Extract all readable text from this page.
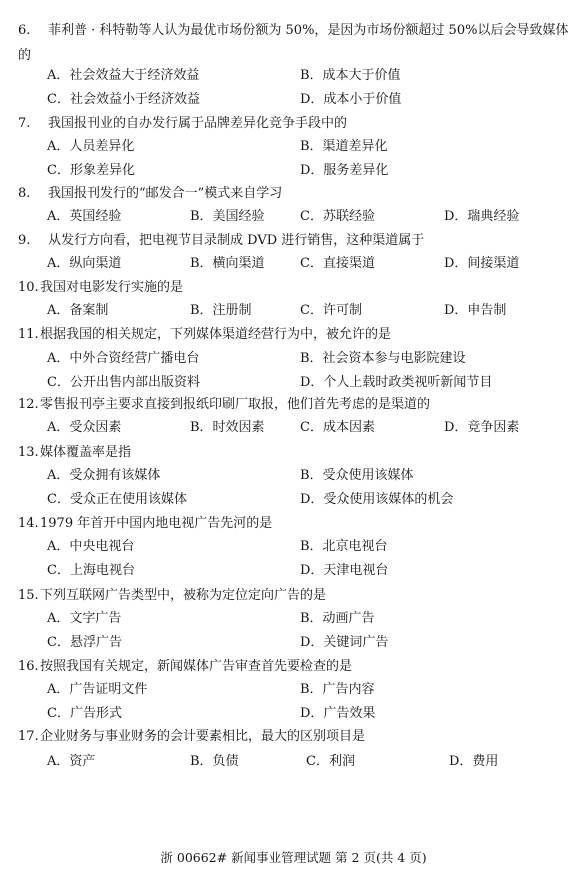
6. 菲利普 · 科特勒等人认为最优市场份额为 50%，是因为市场份额超过 50%以后会导致媒体的
A．社会效益大于经济效益	B．成本大于价值
C．社会效益小于经济效益	D．成本小于价值
7. 我国报刊业的自办发行属于品牌差异化竞争手段中的
A．人员差异化	B．渠道差异化
C．形象差异化	D．服务差异化
8. 我国报刊发行的“邮发合一”模式来自学习
A．英国经验	B．美国经验	C．苏联经验	D．瑞典经验
9. 从发行方向看，把电视节目录制成 DVD 进行销售，这种渠道属于
A．纵向渠道	B．横向渠道	C．直接渠道	D．间接渠道
10.我国对电影发行实施的是
A．备案制	B．注册制	C．许可制	D．申告制
11.根据我国的相关规定，下列媒体渠道经营行为中，被允许的是
A．中外合资经营广播电台	B．社会资本参与电影院建设
C．公开出售内部出版资料	D．个人上载时政类视听新闻节目
12.零售报刊亭主要求直接到报纸印刷厂取报，他们首先考虑的是渠道的
A．受众因素	B．时效因素	C．成本因素	D．竞争因素
13.媒体覆盖率是指
A．受众拥有该媒体	B．受众使用该媒体
C．受众正在使用该媒体	D．受众使用该媒体的机会
14.1979 年首开中国内地电视广告先河的是
A．中央电视台	B．北京电视台
C．上海电视台	D．天津电视台
15.下列互联网广告类型中，被称为定位定向广告的是
A．文字广告	B．动画广告
C．悬浮广告	D．关键词广告
16.按照我国有关规定，新闻媒体广告审查首先要检查的是
A．广告证明文件	B．广告内容
C．广告形式	D．广告效果
17.企业财务与事业财务的会计要素相比，最大的区别项目是
A．资产	B．负债	C．利润	D．费用
浙 00662# 新闻事业管理试题 第 2 页(共 4 页)
